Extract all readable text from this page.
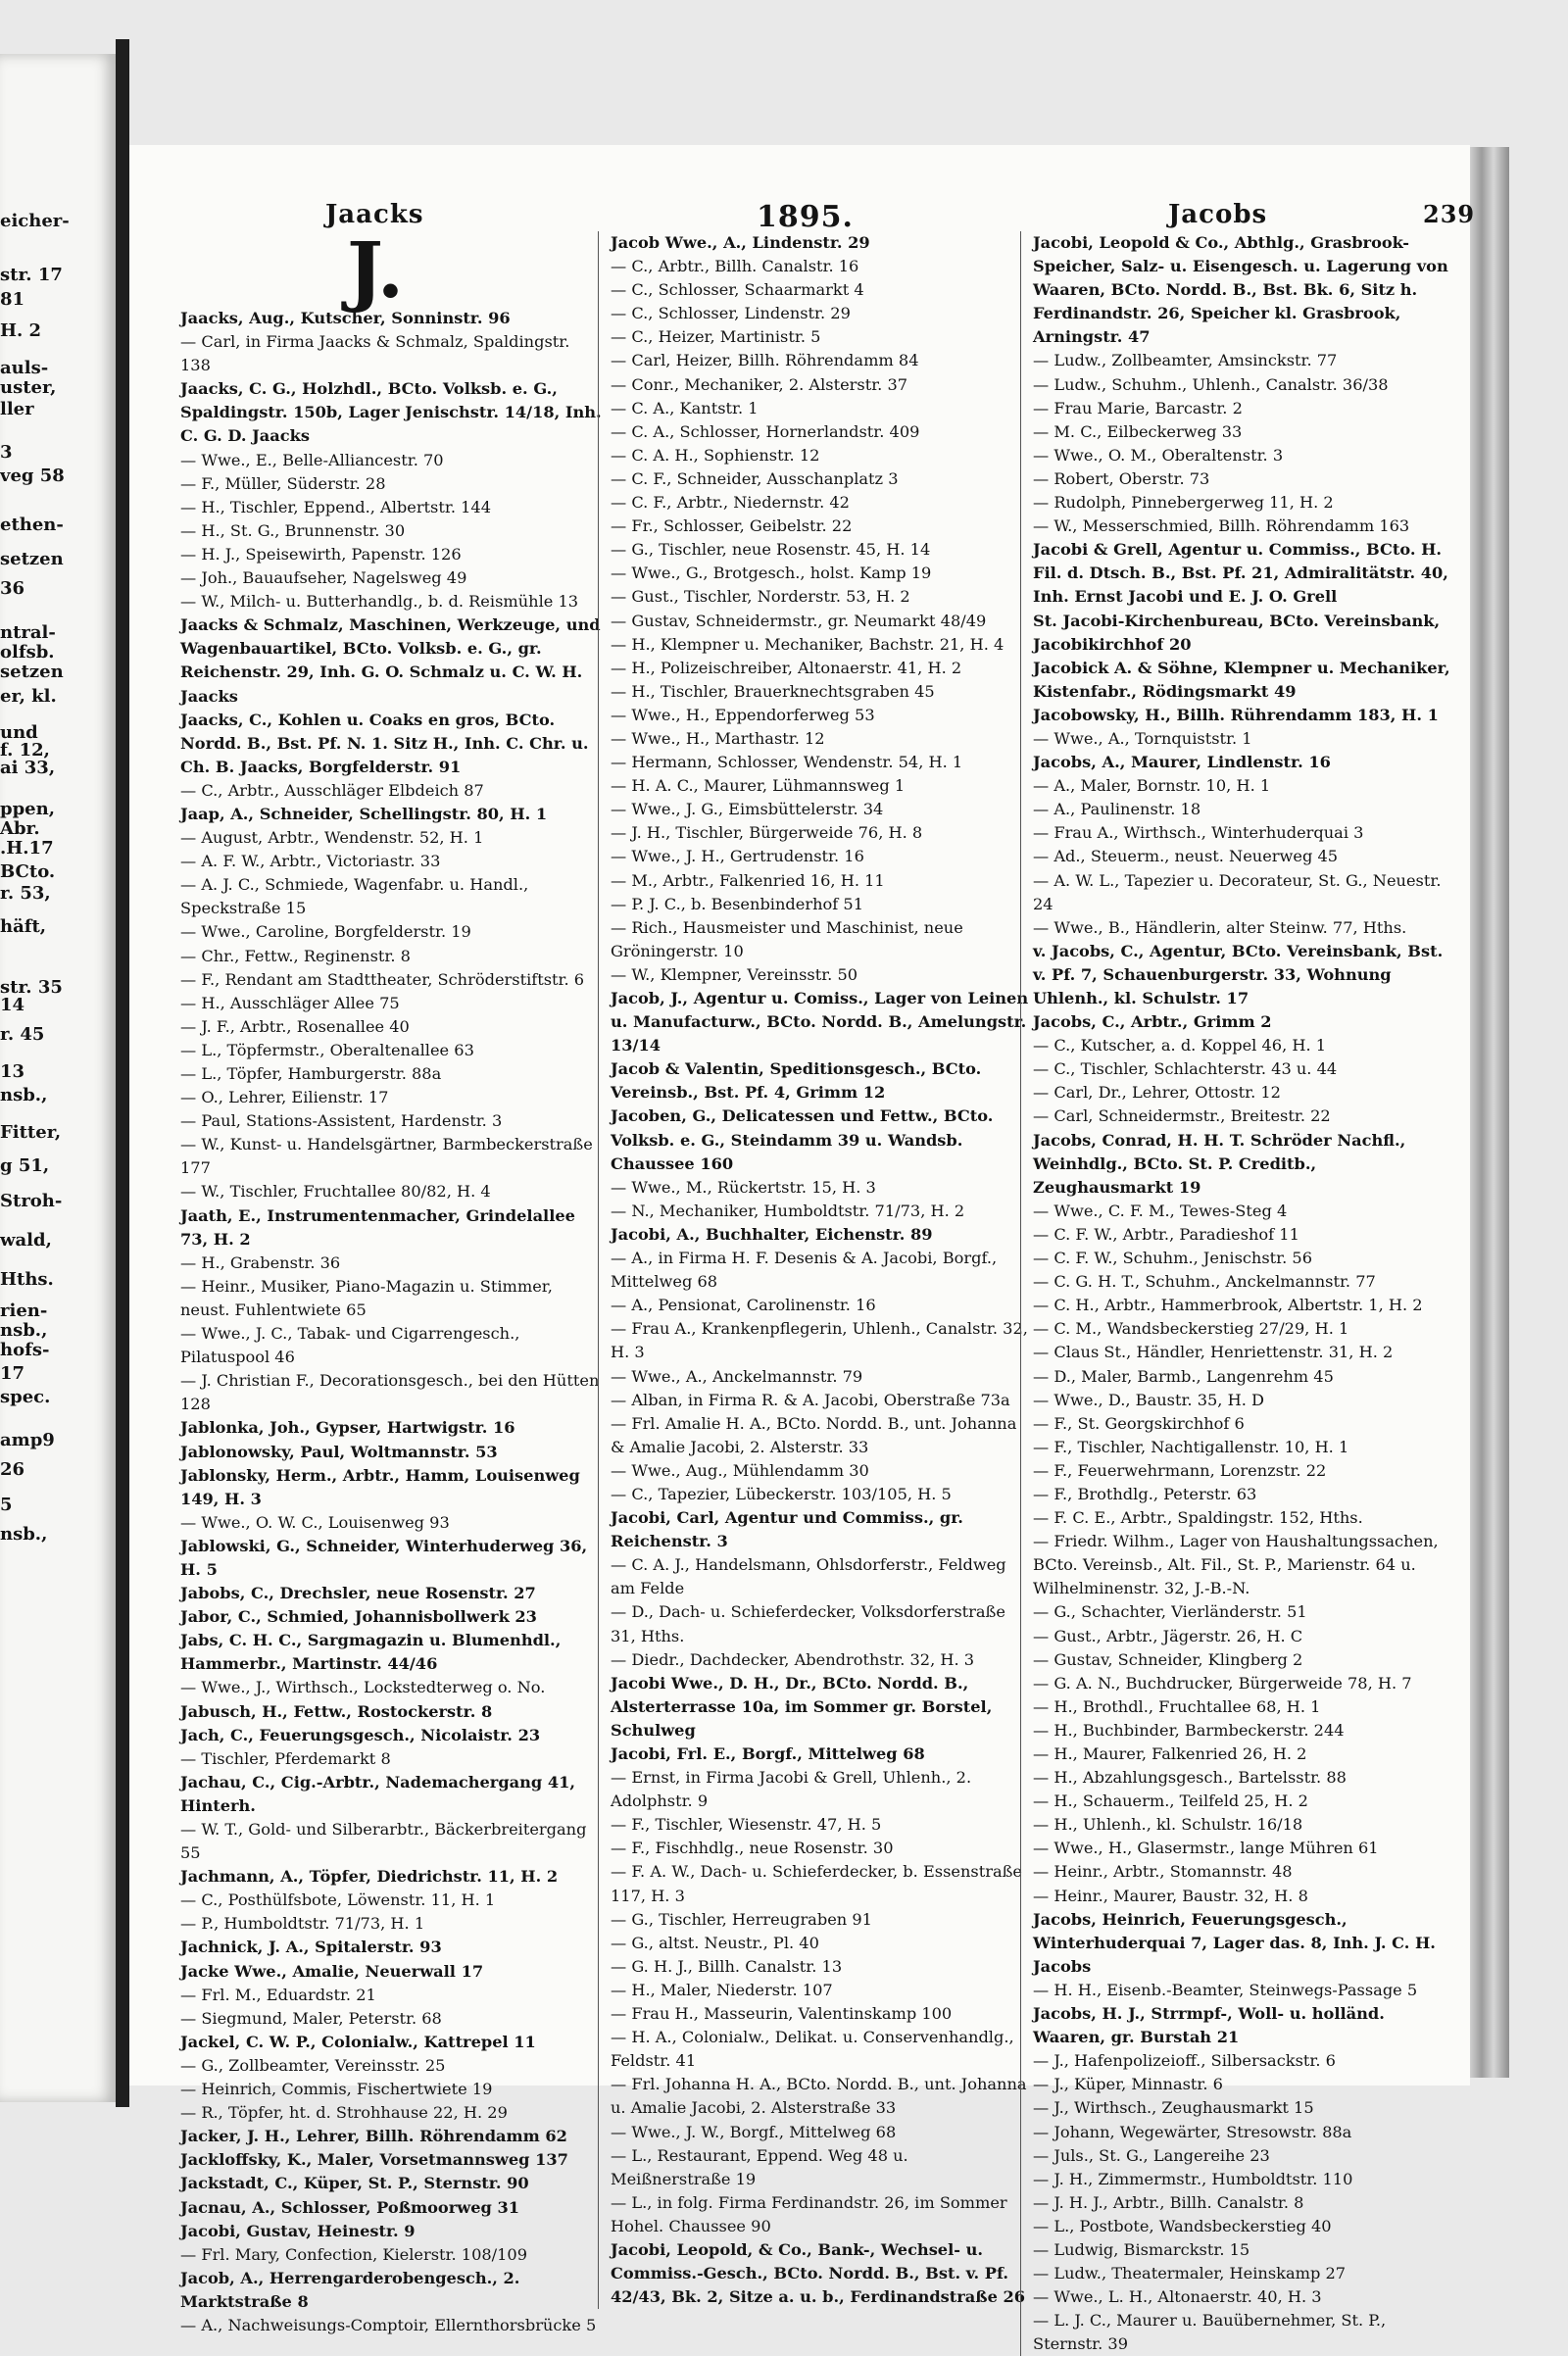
eicher-
str. 17
81
H. 2
auls-
uster,
ller
3
veg 58
ethen-
setzen
36
ntral-
olfsb.
setzen
er, kl.
und
f. 12,
ai 33,
ppen,
Abr.
.H.17
BCto.
r. 53,
häft,
str. 35
14
r. 45
13
nsb.,
Fitter,
g 51,
Stroh-
wald,
Hths.
rien-
nsb.,
hofs-
17
spec.
amp9
26
5
nsb.,
Jaacks	1895.	Jacobs	239
J.
Jaacks, Aug., Kutscher, Sonninstr. 96
— Carl, in Firma Jaacks & Schmalz, Spaldingstr. 138
Jaacks, C. G., Holzhdl., BCto. Volksb. e. G., Spaldingstr. 150b, Lager Jenischstr. 14/18, Inh. C. G. D. Jaacks
— Wwe., E., Belle-Alliancestr. 70
— F., Müller, Süderstr. 28
— H., Tischler, Eppend., Albertstr. 144
— H., St. G., Brunnenstr. 30
— H. J., Speisewirth, Papenstr. 126
— Joh., Bauaufseher, Nagelsweg 49
— W., Milch- u. Butterhandlg., b. d. Reismühle 13
Jaacks & Schmalz, Maschinen, Werkzeuge, und Wagenbauartikel, BCto. Volksb. e. G., gr. Reichenstr. 29, Inh. G. O. Schmalz u. C. W. H. Jaacks
Jaacks, C., Kohlen u. Coaks en gros, BCto. Nordd. B., Bst. Pf. N. 1. Sitz H., Inh. C. Chr. u. Ch. B. Jaacks, Borgfelderstr. 91
— C., Arbtr., Ausschläger Elbdeich 87
Jaap, A., Schneider, Schellingstr. 80, H. 1
— August, Arbtr., Wendenstr. 52, H. 1
— A. F. W., Arbtr., Victoriastr. 33
— A. J. C., Schmiede, Wagenfabr. u. Handl., Speckstraße 15
— Wwe., Caroline, Borgfelderstr. 19
— Chr., Fettw., Reginenstr. 8
— F., Rendant am Stadttheater, Schröderstiftstr. 6
— H., Ausschläger Allee 75
— J. F., Arbtr., Rosenallee 40
— L., Töpfermstr., Oberaltenallee 63
— L., Töpfer, Hamburgerstr. 88a
— O., Lehrer, Eilienstr. 17
— Paul, Stations-Assistent, Hardenstr. 3
— W., Kunst- u. Handelsgärtner, Barmbeckerstraße 177
— W., Tischler, Fruchtallee 80/82, H. 4
Jaath, E., Instrumentenmacher, Grindelallee 73, H. 2
— H., Grabenstr. 36
— Heinr., Musiker, Piano-Magazin u. Stimmer, neust. Fuhlentwiete 65
— Wwe., J. C., Tabak- und Cigarrengesch., Pilatuspool 46
— J. Christian F., Decorationsgesch., bei den Hütten 128
Jablonka, Joh., Gypser, Hartwigstr. 16
Jablonowsky, Paul, Woltmannstr. 53
Jablonsky, Herm., Arbtr., Hamm, Louisenweg 149, H. 3
— Wwe., O. W. C., Louisenweg 93
Jablowski, G., Schneider, Winterhuderweg 36, H. 5
Jabobs, C., Drechsler, neue Rosenstr. 27
Jabor, C., Schmied, Johannisbollwerk 23
Jabs, C. H. C., Sargmagazin u. Blumenhdl., Hammerbr., Martinstr. 44/46
— Wwe., J., Wirthsch., Lockstedterweg o. No.
Jabusch, H., Fettw., Rostockerstr. 8
Jach, C., Feuerungsgesch., Nicolaistr. 23
— Tischler, Pferdemarkt 8
Jachau, C., Cig.-Arbtr., Nademachergang 41, Hinterh.
— W. T., Gold- und Silberarbtr., Bäckerbreitergang 55
Jachmann, A., Töpfer, Diedrichstr. 11, H. 2
— C., Posthülfsbote, Löwenstr. 11, H. 1
— P., Humboldtstr. 71/73, H. 1
Jachnick, J. A., Spitalerstr. 93
Jacke Wwe., Amalie, Neuerwall 17
— Frl. M., Eduardstr. 21
— Siegmund, Maler, Peterstr. 68
Jackel, C. W. P., Colonialw., Kattrepel 11
— G., Zollbeamter, Vereinsstr. 25
— Heinrich, Commis, Fischertwiete 19
— R., Töpfer, ht. d. Strohhause 22, H. 29
Jacker, J. H., Lehrer, Billh. Röhrendamm 62
Jackloffsky, K., Maler, Vorsetmannsweg 137
Jackstadt, C., Küper, St. P., Sternstr. 90
Jacnau, A., Schlosser, Poßmoorweg 31
Jacobi, Gustav, Heinestr. 9
— Frl. Mary, Confection, Kielerstr. 108/109
Jacob, A., Herrengarderobengesch., 2. Marktstraße 8
— A., Nachweisungs-Comptoir, Ellernthorsbrücke 5
Jacob Wwe., A., Lindenstr. 29
— C., Arbtr., Billh. Canalstr. 16
— C., Schlosser, Schaarmarkt 4
— C., Schlosser, Lindenstr. 29
— C., Heizer, Martinistr. 5
— Carl, Heizer, Billh. Röhrendamm 84
— Conr., Mechaniker, 2. Alsterstr. 37
— C. A., Kantstr. 1
— C. A., Schlosser, Hornerlandstr. 409
— C. A. H., Sophienstr. 12
— C. F., Schneider, Ausschanplatz 3
— C. F., Arbtr., Niedernstr. 42
— Fr., Schlosser, Geibelstr. 22
— G., Tischler, neue Rosenstr. 45, H. 14
— Wwe., G., Brotgesch., holst. Kamp 19
— Gust., Tischler, Norderstr. 53, H. 2
— Gustav, Schneidermstr., gr. Neumarkt 48/49
— H., Klempner u. Mechaniker, Bachstr. 21, H. 4
— H., Polizeischreiber, Altonaerstr. 41, H. 2
— H., Tischler, Brauerknechtsgraben 45
— Wwe., H., Eppendorferweg 53
— Wwe., H., Marthastr. 12
— Hermann, Schlosser, Wendenstr. 54, H. 1
— H. A. C., Maurer, Lühmannsweg 1
— Wwe., J. G., Eimsbüttelerstr. 34
— J. H., Tischler, Bürgerweide 76, H. 8
— Wwe., J. H., Gertrudenstr. 16
— M., Arbtr., Falkenried 16, H. 11
— P. J. C., b. Besenbinderhof 51
— Rich., Hausmeister und Maschinist, neue Gröningerstr. 10
— W., Klempner, Vereinsstr. 50
Jacob, J., Agentur u. Comiss., Lager von Leinen u. Manufacturw., BCto. Nordd. B., Amelungstr. 13/14
Jacob & Valentin, Speditionsgesch., BCto. Vereinsb., Bst. Pf. 4, Grimm 12
Jacoben, G., Delicatessen und Fettw., BCto. Volksb. e. G., Steindamm 39 u. Wandsb. Chaussee 160
— Wwe., M., Rückertstr. 15, H. 3
— N., Mechaniker, Humboldtstr. 71/73, H. 2
Jacobi, A., Buchhalter, Eichenstr. 89
— A., in Firma H. F. Desenis & A. Jacobi, Borgf., Mittelweg 68
— A., Pensionat, Carolinenstr. 16
— Frau A., Krankenpflegerin, Uhlenh., Canalstr. 32, H. 3
— Wwe., A., Anckelmannstr. 79
— Alban, in Firma R. & A. Jacobi, Oberstraße 73a
— Frl. Amalie H. A., BCto. Nordd. B., unt. Johanna & Amalie Jacobi, 2. Alsterstr. 33
— Wwe., Aug., Mühlendamm 30
— C., Tapezier, Lübeckerstr. 103/105, H. 5
Jacobi, Carl, Agentur und Commiss., gr. Reichenstr. 3
— C. A. J., Handelsmann, Ohlsdorferstr., Feldweg am Felde
— D., Dach- u. Schieferdecker, Volksdorferstraße 31, Hths.
— Diedr., Dachdecker, Abendrothstr. 32, H. 3
Jacobi Wwe., D. H., Dr., BCto. Nordd. B., Alsterterrasse 10a, im Sommer gr. Borstel, Schulweg
Jacobi, Frl. E., Borgf., Mittelweg 68
— Ernst, in Firma Jacobi & Grell, Uhlenh., 2. Adolphstr. 9
— F., Tischler, Wiesenstr. 47, H. 5
— F., Fischhdlg., neue Rosenstr. 30
— F. A. W., Dach- u. Schieferdecker, b. Essenstraße 117, H. 3
— G., Tischler, Herreugraben 91
— G., altst. Neustr., Pl. 40
— G. H. J., Billh. Canalstr. 13
— H., Maler, Niederstr. 107
— Frau H., Masseurin, Valentinskamp 100
— H. A., Colonialw., Delikat. u. Conservenhandlg., Feldstr. 41
— Frl. Johanna H. A., BCto. Nordd. B., unt. Johanna u. Amalie Jacobi, 2. Alsterstraße 33
— Wwe., J. W., Borgf., Mittelweg 68
— L., Restaurant, Eppend. Weg 48 u. Meißnerstraße 19
— L., in folg. Firma Ferdinandstr. 26, im Sommer Hohel. Chaussee 90
Jacobi, Leopold, & Co., Bank-, Wechsel- u. Commiss.-Gesch., BCto. Nordd. B., Bst. v. Pf. 42/43, Bk. 2, Sitze a. u. b., Ferdinandstraße 26
Jacobi, Leopold & Co., Abthlg., Grasbrook-Speicher, Salz- u. Eisengesch. u. Lagerung von Waaren, BCto. Nordd. B., Bst. Bk. 6, Sitz h. Ferdinandstr. 26, Speicher kl. Grasbrook, Arningstr. 47
— Ludw., Zollbeamter, Amsinckstr. 77
— Ludw., Schuhm., Uhlenh., Canalstr. 36/38
— Frau Marie, Barcastr. 2
— M. C., Eilbeckerweg 33
— Wwe., O. M., Oberaltenstr. 3
— Robert, Oberstr. 73
— Rudolph, Pinnebergerweg 11, H. 2
— W., Messerschmied, Billh. Röhrendamm 163
Jacobi & Grell, Agentur u. Commiss., BCto. H. Fil. d. Dtsch. B., Bst. Pf. 21, Admiralitätstr. 40, Inh. Ernst Jacobi und E. J. O. Grell
St. Jacobi-Kirchenbureau, BCto. Vereinsbank, Jacobikirchhof 20
Jacobick A. & Söhne, Klempner u. Mechaniker, Kistenfabr., Rödingsmarkt 49
Jacobowsky, H., Billh. Rührendamm 183, H. 1
— Wwe., A., Tornquiststr. 1
Jacobs, A., Maurer, Lindlenstr. 16
— A., Maler, Bornstr. 10, H. 1
— A., Paulinenstr. 18
— Frau A., Wirthsch., Winterhuderquai 3
— Ad., Steuerm., neust. Neuerweg 45
— A. W. L., Tapezier u. Decorateur, St. G., Neuestr. 24
— Wwe., B., Händlerin, alter Steinw. 77, Hths.
v. Jacobs, C., Agentur, BCto. Vereinsbank, Bst. v. Pf. 7, Schauenburgerstr. 33, Wohnung Uhlenh., kl. Schulstr. 17
Jacobs, C., Arbtr., Grimm 2
— C., Kutscher, a. d. Koppel 46, H. 1
— C., Tischler, Schlachterstr. 43 u. 44
— Carl, Dr., Lehrer, Ottostr. 12
— Carl, Schneidermstr., Breitestr. 22
Jacobs, Conrad, H. H. T. Schröder Nachfl., Weinhdlg., BCto. St. P. Creditb., Zeughausmarkt 19
— Wwe., C. F. M., Tewes-Steg 4
— C. F. W., Arbtr., Paradieshof 11
— C. F. W., Schuhm., Jenischstr. 56
— C. G. H. T., Schuhm., Anckelmannstr. 77
— C. H., Arbtr., Hammerbrook, Albertstr. 1, H. 2
— C. M., Wandsbeckerstieg 27/29, H. 1
— Claus St., Händler, Henriettenstr. 31, H. 2
— D., Maler, Barmb., Langenrehm 45
— Wwe., D., Baustr. 35, H. D
— F., St. Georgskirchhof 6
— F., Tischler, Nachtigallenstr. 10, H. 1
— F., Feuerwehrmann, Lorenzstr. 22
— F., Brothdlg., Peterstr. 63
— F. C. E., Arbtr., Spaldingstr. 152, Hths.
— Friedr. Wilhm., Lager von Haushaltungssachen, BCto. Vereinsb., Alt. Fil., St. P., Marienstr. 64 u. Wilhelminenstr. 32, J.-B.-N.
— G., Schachter, Vierländerstr. 51
— Gust., Arbtr., Jägerstr. 26, H. C
— Gustav, Schneider, Klingberg 2
— G. A. N., Buchdrucker, Bürgerweide 78, H. 7
— H., Brothdl., Fruchtallee 68, H. 1
— H., Buchbinder, Barmbeckerstr. 244
— H., Maurer, Falkenried 26, H. 2
— H., Abzahlungsgesch., Bartelsstr. 88
— H., Schauerm., Teilfeld 25, H. 2
— H., Uhlenh., kl. Schulstr. 16/18
— Wwe., H., Glasermstr., lange Mühren 61
— Heinr., Arbtr., Stomannstr. 48
— Heinr., Maurer, Baustr. 32, H. 8
Jacobs, Heinrich, Feuerungsgesch., Winterhuderquai 7, Lager das. 8, Inh. J. C. H. Jacobs
— H. H., Eisenb.-Beamter, Steinwegs-Passage 5
Jacobs, H. J., Strrmpf-, Woll- u. holländ. Waaren, gr. Burstah 21
— J., Hafenpolizeioff., Silbersackstr. 6
— J., Küper, Minnastr. 6
— J., Wirthsch., Zeughausmarkt 15
— Johann, Wegewärter, Stresowstr. 88a
— Juls., St. G., Langereihe 23
— J. H., Zimmermstr., Humboldtstr. 110
— J. H. J., Arbtr., Billh. Canalstr. 8
— L., Postbote, Wandsbeckerstieg 40
— Ludwig, Bismarckstr. 15
— Ludw., Theatermaler, Heinskamp 27
— Wwe., L. H., Altonaerstr. 40, H. 3
— L. J. C., Maurer u. Bauübernehmer, St. P., Sternstr. 39
